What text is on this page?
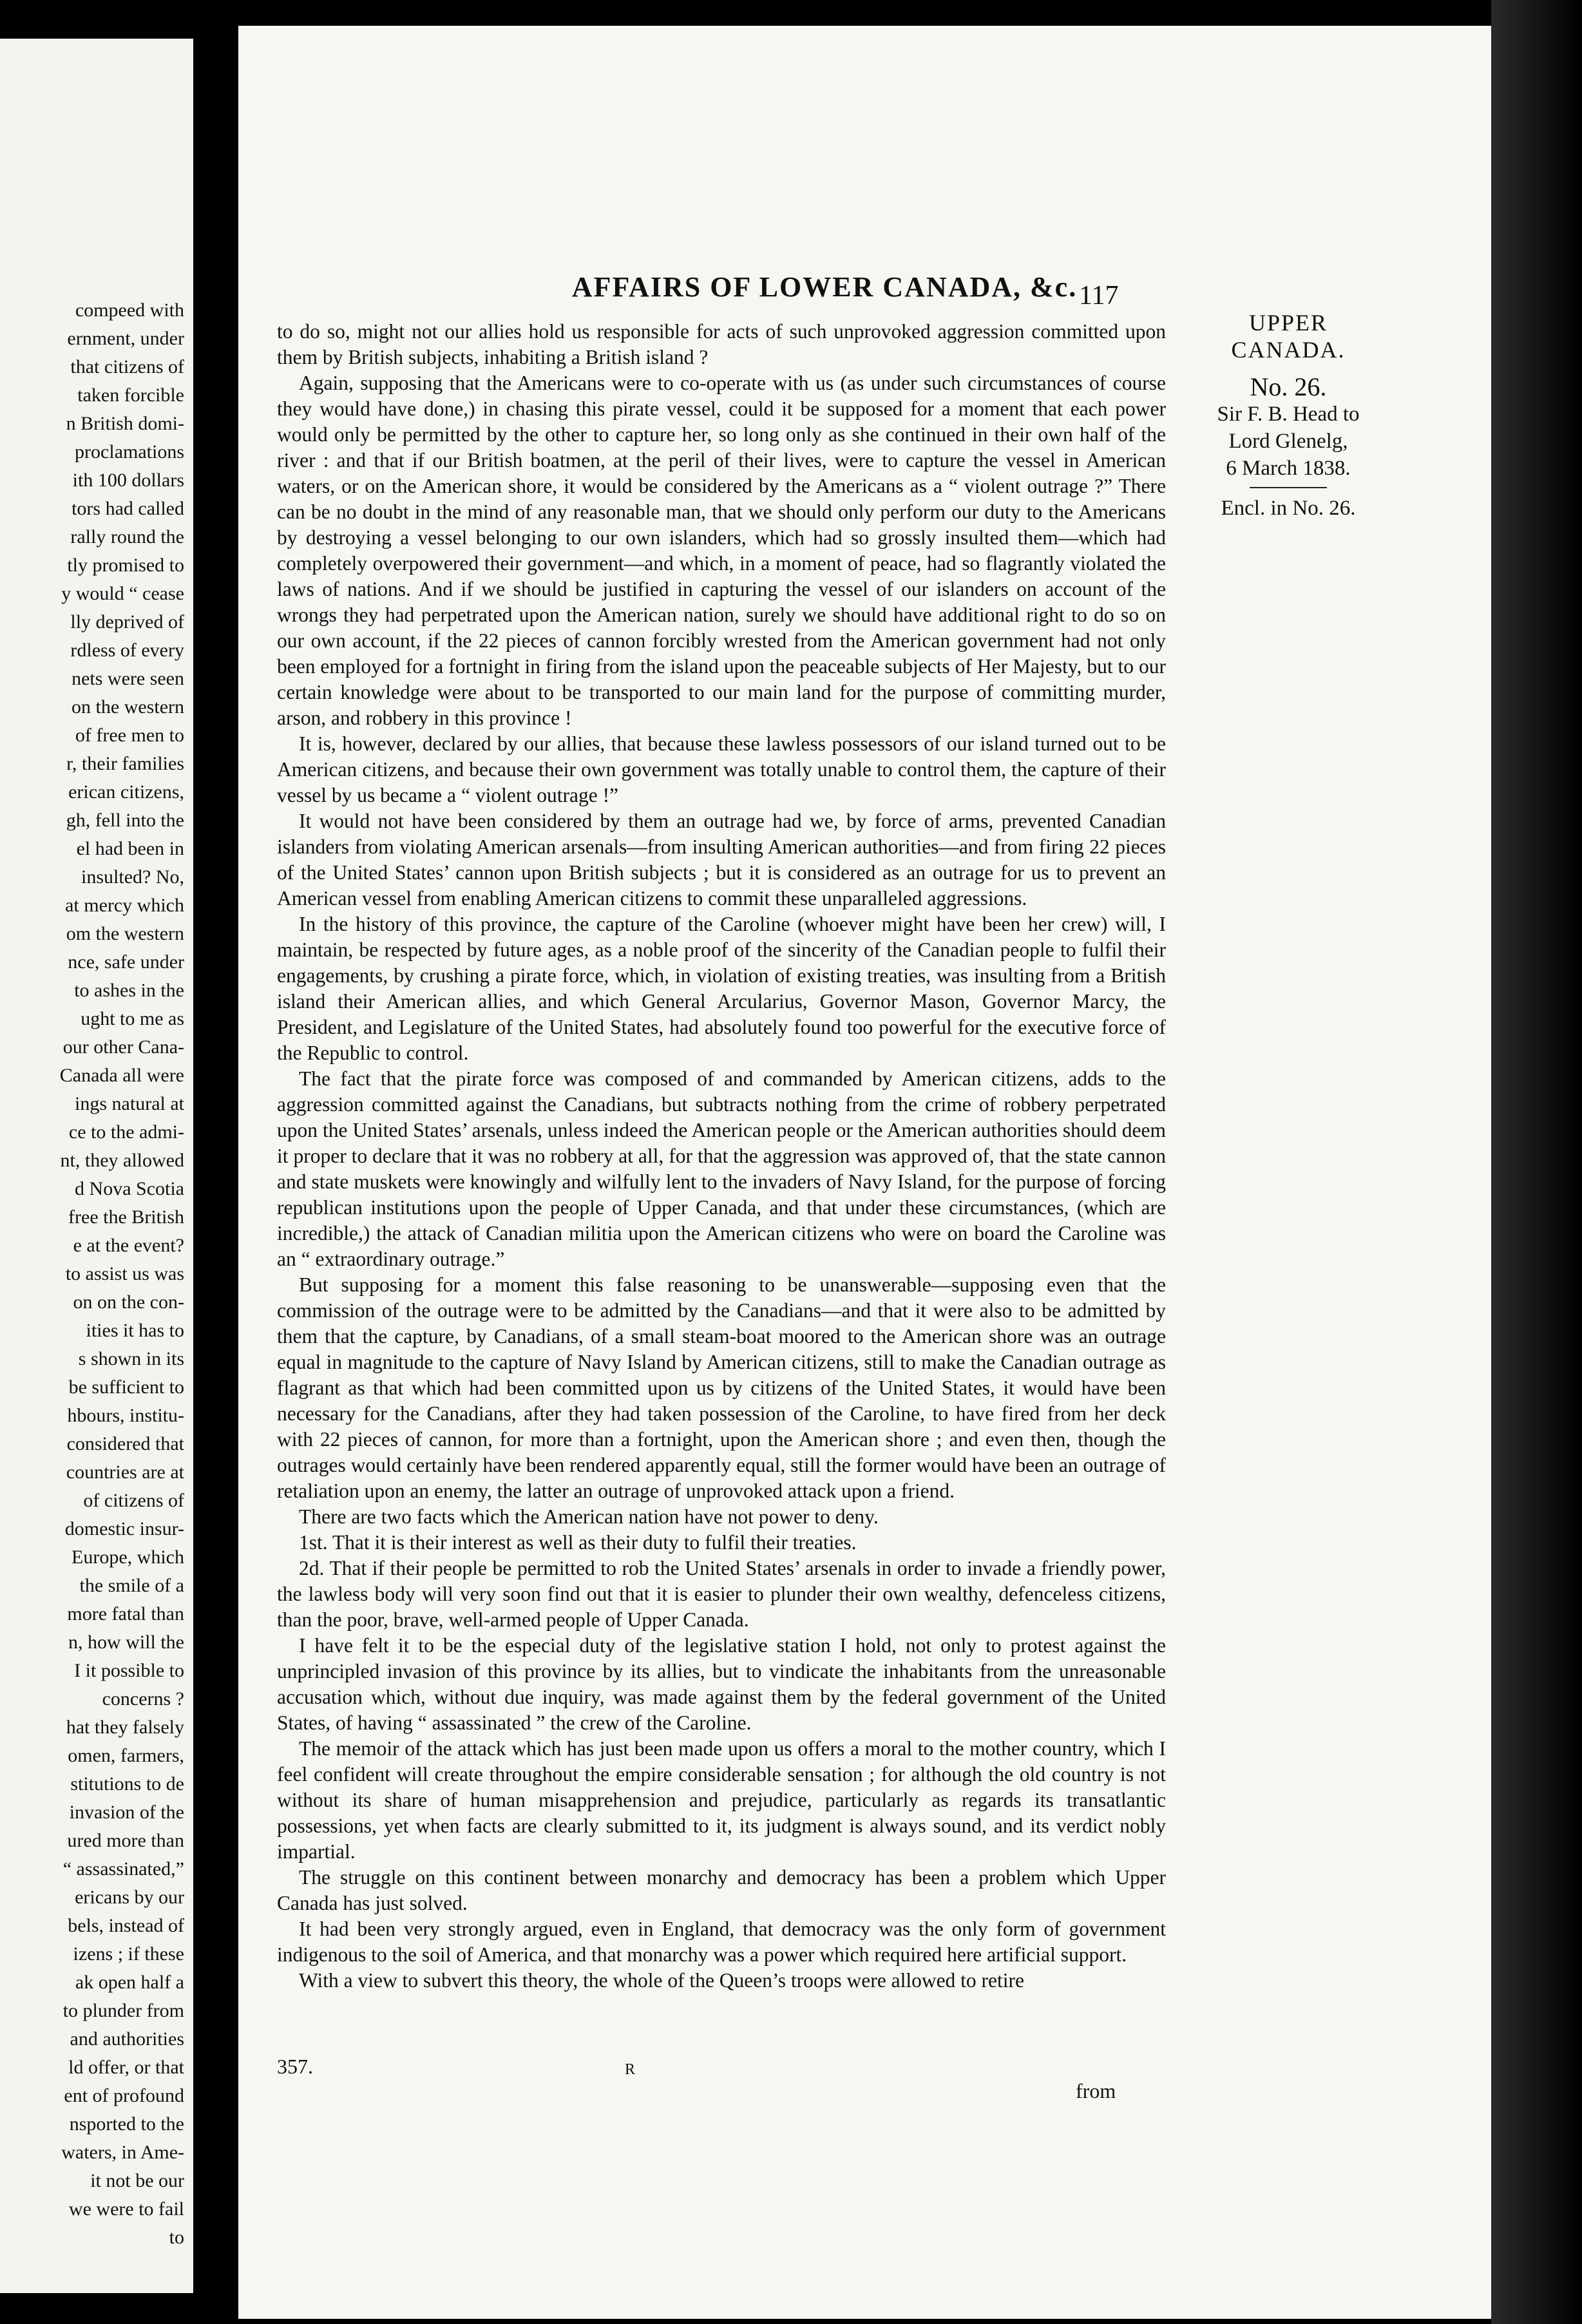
compeed with
ernment, under
that citizens of
taken forcible
n British domi-
proclamations
ith 100 dollars
tors had called
rally round the
tly promised to
y would “ cease
lly deprived of
rdless of every
nets were seen
on the western
of free men to
r, their families
erican citizens,
gh, fell into the
el had been in
insulted? No,
at mercy which
om the western
nce, safe under
to ashes in the
ught to me as
our other Cana-
Canada all were
ings natural at
ce to the admi-
nt, they allowed
d Nova Scotia
free the British
e at the event?
to assist us was
on on the con-
ities it has to
s shown in its
be sufficient to
hbours, institu-
considered that
countries are at
of citizens of
domestic insur-
Europe, which
the smile of a
more fatal than
n, how will the
I it possible to
concerns ?
hat they falsely
omen, farmers,
stitutions to de
invasion of the
ured more than
“ assassinated,”
ericans by our
bels, instead of
izens ; if these
ak open half a
to plunder from
and authorities
ld offer, or that
ent of profound
nsported to the
waters, in Ame-
it not be our
we were to fail
to
AFFAIRS OF LOWER CANADA, &c. 117

to do so, might not our allies hold us responsible for acts of such unprovoked aggression committed upon them by British subjects, inhabiting a British island ?

Again, supposing that the Americans were to co-operate with us (as under such circumstances of course they would have done,) in chasing this pirate vessel, could it be supposed for a moment that each power would only be permitted by the other to capture her, so long only as she continued in their own half of the river : and that if our British boatmen, at the peril of their lives, were to capture the vessel in American waters, or on the American shore, it would be considered by the Americans as a “ violent outrage ?” There can be no doubt in the mind of any reasonable man, that we should only perform our duty to the Americans by destroying a vessel belonging to our own islanders, which had so grossly insulted them—which had completely overpowered their government—and which, in a moment of peace, had so flagrantly violated the laws of nations. And if we should be justified in capturing the vessel of our islanders on account of the wrongs they had perpetrated upon the American nation, surely we should have additional right to do so on our own account, if the 22 pieces of cannon forcibly wrested from the American government had not only been employed for a fortnight in firing from the island upon the peaceable subjects of Her Majesty, but to our certain knowledge were about to be transported to our main land for the purpose of committing murder, arson, and robbery in this province !

It is, however, declared by our allies, that because these lawless possessors of our island turned out to be American citizens, and because their own government was totally unable to control them, the capture of their vessel by us became a “ violent outrage !”

It would not have been considered by them an outrage had we, by force of arms, prevented Canadian islanders from violating American arsenals—from insulting American authorities—and from firing 22 pieces of the United States’ cannon upon British subjects ; but it is considered as an outrage for us to prevent an American vessel from enabling American citizens to commit these unparalleled aggressions.

In the history of this province, the capture of the Caroline (whoever might have been her crew) will, I maintain, be respected by future ages, as a noble proof of the sincerity of the Canadian people to fulfil their engagements, by crushing a pirate force, which, in violation of existing treaties, was insulting from a British island their American allies, and which General Arcularius, Governor Mason, Governor Marcy, the President, and Legislature of the United States, had absolutely found too powerful for the executive force of the Republic to control.

The fact that the pirate force was composed of and commanded by American citizens, adds to the aggression committed against the Canadians, but subtracts nothing from the crime of robbery perpetrated upon the United States’ arsenals, unless indeed the American people or the American authorities should deem it proper to declare that it was no robbery at all, for that the aggression was approved of, that the state cannon and state muskets were knowingly and wilfully lent to the invaders of Navy Island, for the purpose of forcing republican institutions upon the people of Upper Canada, and that under these circumstances, (which are incredible,) the attack of Canadian militia upon the American citizens who were on board the Caroline was an “ extraordinary outrage.”

But supposing for a moment this false reasoning to be unanswerable—supposing even that the commission of the outrage were to be admitted by the Canadians—and that it were also to be admitted by them that the capture, by Canadians, of a small steam-boat moored to the American shore was an outrage equal in magnitude to the capture of Navy Island by American citizens, still to make the Canadian outrage as flagrant as that which had been committed upon us by citizens of the United States, it would have been necessary for the Canadians, after they had taken possession of the Caroline, to have fired from her deck with 22 pieces of cannon, for more than a fortnight, upon the American shore ; and even then, though the outrages would certainly have been rendered apparently equal, still the former would have been an outrage of retaliation upon an enemy, the latter an outrage of unprovoked attack upon a friend.

There are two facts which the American nation have not power to deny.

1st. That it is their interest as well as their duty to fulfil their treaties.

2d. That if their people be permitted to rob the United States’ arsenals in order to invade a friendly power, the lawless body will very soon find out that it is easier to plunder their own wealthy, defenceless citizens, than the poor, brave, well-armed people of Upper Canada.

I have felt it to be the especial duty of the legislative station I hold, not only to protest against the unprincipled invasion of this province by its allies, but to vindicate the inhabitants from the unreasonable accusation which, without due inquiry, was made against them by the federal government of the United States, of having “ assassinated ” the crew of the Caroline.

The memoir of the attack which has just been made upon us offers a moral to the mother country, which I feel confident will create throughout the empire considerable sensation ; for although the old country is not without its share of human misapprehension and prejudice, particularly as regards its transatlantic possessions, yet when facts are clearly submitted to it, its judgment is always sound, and its verdict nobly impartial.

The struggle on this continent between monarchy and democracy has been a problem which Upper Canada has just solved.

It had been very strongly argued, even in England, that democracy was the only form of government indigenous to the soil of America, and that monarchy was a power which required here artificial support.

With a view to subvert this theory, the whole of the Queen’s troops were allowed to retire

UPPER
CANADA.
No. 26.
Sir F. B. Head to
Lord Glenelg,
6 March 1838.
Encl. in No. 26.
357.	R
from
